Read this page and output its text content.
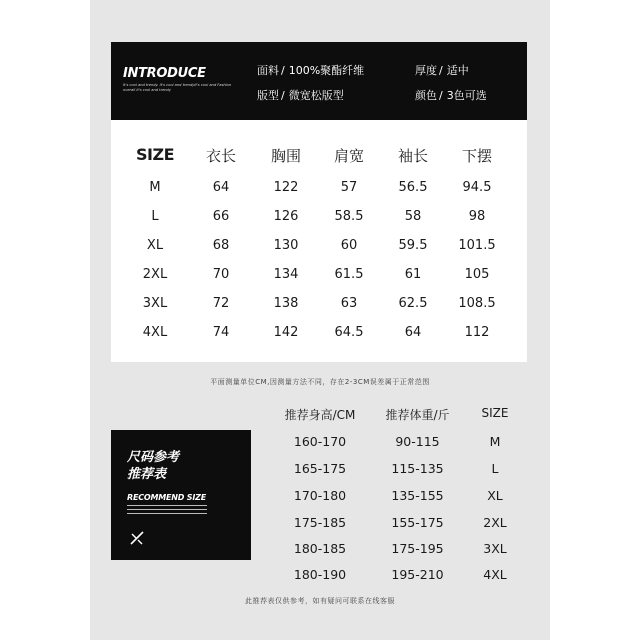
INTRODUCE
It's cool and trendy. It's cool and trendyIt's cool and Fashion overall it's cool and trendy
面料 / 100%聚酯纤维	厚度 / 适中
版型 / 微宽松版型	颜色 / 3色可选
SIZE	衣长	胸围	肩宽	袖长	下摆
M	64	122	57	56.5	94.5
L	66	126	58.5	58	98
XL	68	130	60	59.5	101.5
2XL	70	134	61.5	61	105
3XL	72	138	63	62.5	108.5
4XL	74	142	64.5	64	112
平面测量单位CM,因测量方法不同，存在2-3CM误差属于正常范围
尺码参考
推荐表
RECOMMEND SIZE
推荐身高/CM	推荐体重/斤	SIZE
160-170	90-115	M
165-175	115-135	L
170-180	135-155	XL
175-185	155-175	2XL
180-185	175-195	3XL
180-190	195-210	4XL
此推荐表仅供参考，如有疑问可联系在线客服
